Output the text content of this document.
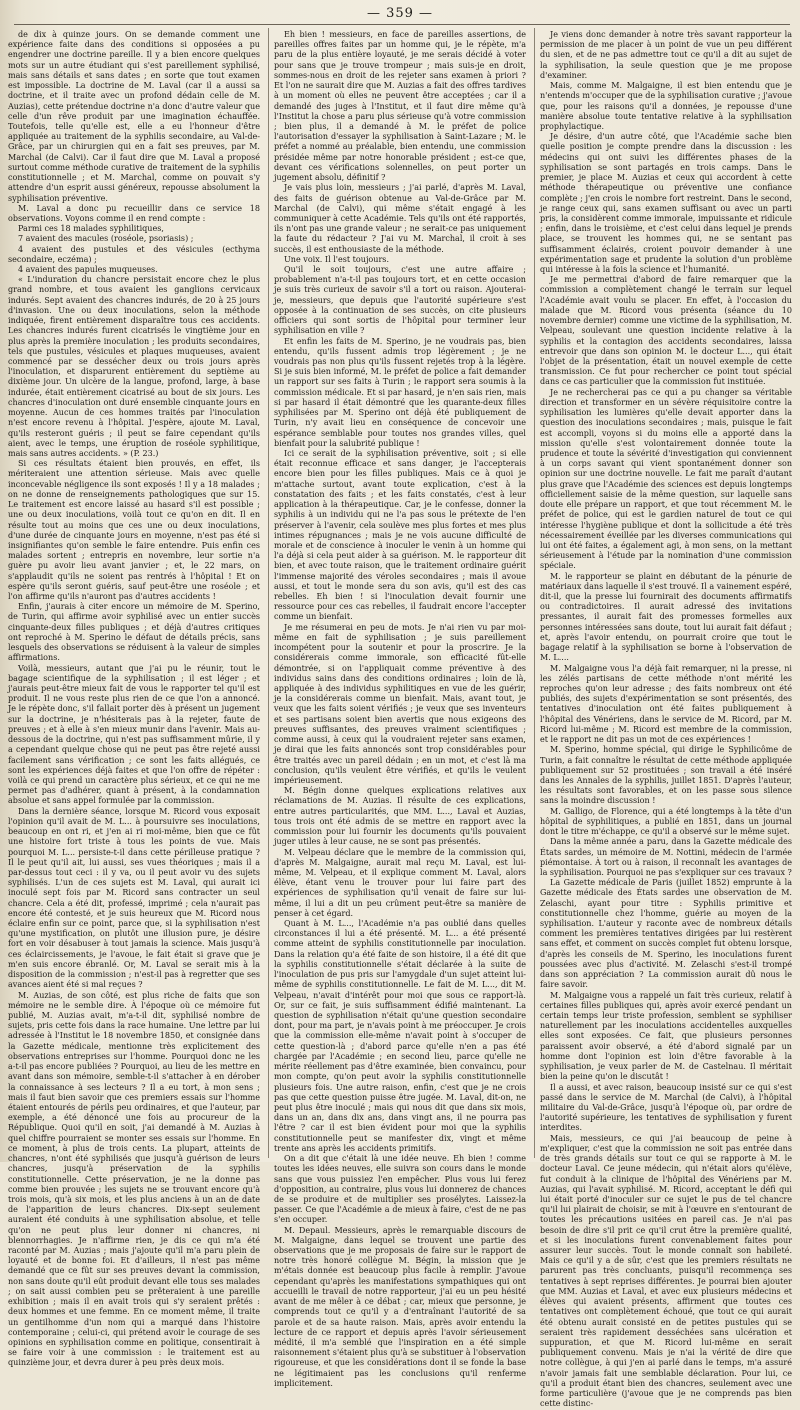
— 359 —

de dix à quinze jours. On se demande comment une expérience faite dans des conditions si opposées a pu engendrer une doctrine pareille. Il y a bien encore quelques mots sur un autre étudiant qui s'est pareillement syphilisé, mais sans détails et sans dates ; en sorte que tout examen est impossible. La doctrine de M. Laval (car il a aussi sa doctrine, et il traite avec un profond dédain celle de M. Auzias), cette prétendue doctrine n'a donc d'autre valeur que celle d'un rêve produit par une imagination échauffée. Toutefois, telle qu'elle est, elle a eu l'honneur d'être appliquée au traitement de la syphilis secondaire, au Val-de-Grâce, par un chirurgien qui en a fait ses preuves, par M. Marchal (de Calvi). Car il faut dire que M. Laval a proposé surtout comme méthode curative de traitement de la syphilis constitutionnelle ; et M. Marchal, comme on pouvait s'y attendre d'un esprit aussi généreux, repousse absolument la syphilisation préventive.

M. Laval a donc pu recueillir dans ce service 18 observations. Voyons comme il en rend compte :

Parmi ces 18 malades syphilitiques,

7 avaient des macules (roséole, psoriasis) ;

4 avaient des pustules et des vésicules (ecthyma secondaire, eczéma) ;

4 avaient des papules muqueuses.

« L'induration du chancre persistait encore chez le plus grand nombre, et tous avaient les ganglions cervicaux indurés. Sept avaient des chancres indurés, de 20 à 25 jours d'invasion. Une ou deux inoculations, selon la méthode indiquée, firent entièrement disparaître tous ces accidents. Les chancres indurés furent cicatrisés le vingtième jour en plus après la première inoculation ; les produits secondaires, tels que pustules, vésicules et plaques muqueuses, avaient commencé par se dessécher deux ou trois jours après l'inoculation, et disparurent entièrement du septième au dixième jour. Un ulcère de la langue, profond, large, à base indurée, était entièrement cicatrisé au bout de six jours. Les chancres d'inoculation ont duré ensemble cinquante jours en moyenne. Aucun de ces hommes traités par l'inoculation n'est encore revenu à l'hôpital. J'espère, ajoute M. Laval, qu'ils resteront guéris ; il peut se faire cependant qu'ils aient, avec le temps, une éruption de roséole syphilitique, mais sans autres accidents. » (P. 23.)

Si ces résultats étaient bien prouvés, en effet, ils mériteraient une attention sérieuse. Mais avec quelle inconcevable négligence ils sont exposés ! Il y a 18 malades ; on ne donne de renseignements pathologiques que sur 15. Le traitement est encore laissé au hasard s'il est possible ; une ou deux inoculations, voilà tout ce qu'on en dit. Il en résulte tout au moins que ces une ou deux inoculations, d'une durée de cinquante jours en moyenne, n'est pas été si insignifiantes qu'on semble le faire entendre. Puis enfin ces malades sortent ; entrepris en novembre, leur sortie n'a guère pu avoir lieu avant janvier ; et, le 22 mars, on s'applaudit qu'ils ne soient pas rentrés à l'hôpital ! Et on espère qu'ils seront guéris, sauf peut-être une roséole ; et l'on affirme qu'ils n'auront pas d'autres accidents !

Enfin, j'aurais à citer encore un mémoire de M. Sperino, de Turin, qui affirme avoir syphilisé avec un entier succès cinquante-deux filles publiques ; et déjà d'autres critiques ont reproché à M. Sperino le défaut de détails précis, sans lesquels des observations se réduisent à la valeur de simples affirmations.

Voilà, messieurs, autant que j'ai pu le réunir, tout le bagage scientifique de la syphilisation ; il est léger ; et j'aurais peut-être mieux fait de vous le rapporter tel qu'il est produit. Il ne vous reste plus rien de ce que l'on a annoncé. Je le répète donc, s'il fallait porter dès à présent un jugement sur la doctrine, je n'hésiterais pas à la rejeter, faute de preuves ; et à elle à s'en mieux munir dans l'avenir. Mais au-dessous de la doctrine, qui n'est pas suffisamment mûrie, il y a cependant quelque chose qui ne peut pas être rejeté aussi facilement sans vérification ; ce sont les faits allégués, ce sont les expériences déjà faites et que l'on offre de répéter : voilà ce qui prend un caractère plus sérieux, et ce qui ne me permet pas d'adhérer, quant à présent, à la condamnation absolue et sans appel formulée par la commission.

Dans la dernière séance, lorsque M. Ricord vous exposait l'opinion qu'il avait de M. L... à poursuivre ses inoculations, beaucoup en ont ri, et j'en ai ri moi-même, bien que ce fût une histoire fort triste à tous les points de vue. Mais pourquoi M. L... persiste-t-il dans cette périlleuse pratique ? Il le peut qu'il ait, lui aussi, ses vues théoriques ; mais il a par-dessus tout ceci : il y va, ou il peut avoir vu des sujets syphilisés. L'un de ces sujets est M. Laval, qui aurait ici inoculé sept fois par M. Ricord sans contracter un seul chancre. Cela a été dit, professé, imprimé ; cela n'aurait pas encore été contesté, et je suis heureux que M. Ricord nous éclaire enfin sur ce point, parce que, si la syphilisation n'est qu'une mystification, on plutôt une illusion pure, je désire fort en voir désabuser à tout jamais la science. Mais jusqu'à ces éclaircissements, je l'avoue, le fait était si grave que je m'en suis encore ébranlé. Or, M. Laval se serait mis à la disposition de la commission ; n'est-il pas à regretter que ses avances aient été si mal reçues ?

M. Auzias, de son côté, est plus riche de faits que son mémoire ne le semble dire. À l'époque où ce mémoire fut publié, M. Auzias avait, m'a-t-il dit, syphilisé nombre de sujets, pris cette fois dans la race humaine. Une lettre par lui adressée à l'Institut le 18 novembre 1850, et consignée dans la Gazette médicale, mentionne très explicitement des observations entreprises sur l'homme. Pourquoi donc ne les a-t-il pas encore publiées ? Pourquoi, au lieu de les mettre en avant dans son mémoire, semble-t-il s'attacher à en dérober la connaissance à ses lecteurs ? Il a eu tort, à mon sens ; mais il faut bien savoir que ces premiers essais sur l'homme étaient entourés de périls peu ordinaires, et que l'auteur, par exemple, a été dénoncé une fois au procureur de la République. Quoi qu'il en soit, j'ai demandé à M. Auzias à quel chiffre pourraient se monter ses essais sur l'homme. En ce moment, à plus de trois cents. La plupart, atteints de chancres, n'ont été syphilisés que jusqu'à guérison de leurs chancres, jusqu'à préservation de la syphilis constitutionnelle. Cette préservation, je ne la donne pas comme bien prouvée ; les sujets ne se trouvant encore qu'à trois mois, qu'à six mois, et les plus anciens à un an de date de l'apparition de leurs chancres. Dix-sept seulement auraient été conduits à une syphilisation absolue, et telle qu'on ne peut plus leur donner ni chancres, ni blennorrhagies. Je n'affirme rien, je dis ce qui m'a été raconté par M. Auzias ; mais j'ajoute qu'il m'a paru plein de loyauté et de bonne foi. Et d'ailleurs, il n'est pas même demandé que ce fût sur ses preuves devant la commission, non sans doute qu'il eût produit devant elle tous ses malades ; on sait aussi combien peu se prêteraient à une pareille exhibition ; mais il en avait trois qui s'y seraient prêtés : deux hommes et une femme. En ce moment même, il traite un gentilhomme d'un nom qui a marqué dans l'histoire contemporaine ; celui-ci, qui prétend avoir le courage de ses opinions en syphilisation comme en politique, consentirait à se faire voir à une commission : le traitement est au quinzième jour, et devra durer à peu près deux mois.

Eh bien ! messieurs, en face de pareilles assertions, de pareilles offres faites par un homme qui, je le répète, m'a paru de la plus entière loyauté, je me serais décidé à voter pour sans que je trouve trompeur ; mais suis-je en droit, sommes-nous en droit de les rejeter sans examen à priori ? Et l'on ne saurait dire que M. Auzias a fait des offres tardives à un moment où elles ne peuvent être acceptées ; car il a demandé des juges à l'Institut, et il faut dire même qu'à l'Institut la chose a paru plus sérieuse qu'à votre commission ; bien plus, il a demandé à M. le préfet de police l'autorisation d'essayer la syphilisation à Saint-Lazare ; M. le préfet a nommé au préalable, bien entendu, une commission présidée même par notre honorable président ; est-ce que, devant ces vérifications solennelles, on peut porter un jugement absolu, définitif ?

Je vais plus loin, messieurs ; j'ai parlé, d'après M. Laval, des faits de guérison obtenue au Val-de-Grâce par M. Marchal (de Calvi), qui même s'était engagé à les communiquer à cette Académie. Tels qu'ils ont été rapportés, ils n'ont pas une grande valeur ; ne serait-ce pas uniquement la faute du rédacteur ? J'ai vu M. Marchal, il croit à ses succès, il est enthousiaste de la méthode.

Une voix. Il l'est toujours.

Qu'il le soit toujours, c'est une autre affaire ; probablement n'a-t-il pas toujours tort, et en cette occasion je suis très curieux de savoir s'il a tort ou raison. Ajouterai-je, messieurs, que depuis que l'autorité supérieure s'est opposée à la continuation de ses succès, on cite plusieurs officiers qui sont sortis de l'hôpital pour terminer leur syphilisation en ville ?

Et enfin les faits de M. Sperino, je ne voudrais pas, bien entendu, qu'ils fussent admis trop légèrement ; je ne voudrais pas non plus qu'ils fussent rejetés trop à la légère. Si je suis bien informé, M. le préfet de police a fait demander un rapport sur ses faits à Turin ; le rapport sera soumis à la commission médicale. Et si par hasard, je n'en sais rien, mais si par hasard il était démontré que les quarante-deux filles syphilisées par M. Sperino ont déjà été publiquement de Turin, n'y avait lieu en conséquence de concevoir une espérance semblable pour toutes nos grandes villes, quel bienfait pour la salubrité publique !

Ici ce serait de la syphilisation préventive, soit ; si elle était reconnue efficace et sans danger, je l'accepterais encore bien pour les filles publiques. Mais ce à quoi je m'attache surtout, avant toute explication, c'est à la constatation des faits ; et les faits constatés, c'est à leur application à la thérapeutique. Car, je le confesse, donner la syphilis à un individu qui ne l'a pas sous le prétexte de l'en préserver à l'avenir, cela soulève mes plus fortes et mes plus intimes répugnances ; mais je ne vois aucune difficulté de morale et de conscience à inoculer le venin à un homme qui l'a déjà si cela peut aider à sa guérison. M. le rapporteur dit bien, et avec toute raison, que le traitement ordinaire guérit l'immense majorité des véroles secondaires ; mais il avoue aussi, et tout le monde sera du son avis, qu'il est des cas rebelles. Eh bien ! si l'inoculation devait fournir une ressource pour ces cas rebelles, il faudrait encore l'accepter comme un bienfait.

Je me résumerai en peu de mots. Je n'ai rien vu par moi-même en fait de syphilisation ; je suis pareillement incompétent pour la soutenir et pour la proscrire. Je la considérerais comme immorale, son efficacité fût-elle démontrée, si on l'appliquait comme préventive à des individus sains dans des conditions ordinaires ; loin de là, appliquée à des individus syphilitiques en vue de les guérir, je la considérerais comme un bienfait. Mais, avant tout, je veux que les faits soient vérifiés ; je veux que ses inventeurs et ses partisans soient bien avertis que nous exigeons des preuves suffisantes, des preuves vraiment scientifiques ; comme aussi, à ceux qui la voudraient rejeter sans examen, je dirai que les faits annoncés sont trop considérables pour être traités avec un pareil dédain ; en un mot, et c'est là ma conclusion, qu'ils veulent être vérifiés, et qu'ils le veulent impérieusement.

M. Bégin donne quelques explications relatives aux réclamations de M. Auzias. Il résulte de ces explications, entre autres particularités, que MM. L..., Laval et Auzias, tous trois ont été admis de se mettre en rapport avec la commission pour lui fournir les documents qu'ils pouvaient juger utiles à leur cause, ne se sont pas présentés.

M. Velpeau déclare que le membre de la commission qui, d'après M. Malgaigne, aurait mal reçu M. Laval, est lui-même, M. Velpeau, et il explique comment M. Laval, alors élève, étant venu le trouver pour lui faire part des expériences de syphilisation qu'il venait de faire sur lui-même, il lui a dit un peu crûment peut-être sa manière de penser à cet égard.

Quant à M. L..., l'Académie n'a pas oublié dans quelles circonstances il lui a été présenté. M. L... a été présenté comme atteint de syphilis constitutionnelle par inoculation. Dans la relation qu'a été faite de son histoire, il a été dit que la syphilis constitutionnelle s'était déclarée à la suite de l'inoculation de pus pris sur l'amygdale d'un sujet atteint lui-même de syphilis constitutionnelle. Le fait de M. L..., dit M. Velpeau, n'avait d'intérêt pour moi que sous ce rapport-là. Or, sur ce fait, je suis suffisamment édifié maintenant. La question de syphilisation n'était qu'une question secondaire dont, pour ma part, je n'avais point à me préoccuper. Je crois que la commission elle-même n'avait point à s'occuper de cette question-là ; d'abord parce qu'elle n'en a pas été chargée par l'Académie ; en second lieu, parce qu'elle ne mérite réellement pas d'être examinée, bien convaincu, pour mon compte, qu'on peut avoir la syphilis constitutionnelle plusieurs fois. Une autre raison, enfin, c'est que je ne crois pas que cette question puisse être jugée. M. Laval, dit-on, ne peut plus être inoculé ; mais qui nous dit que dans six mois, dans un an, dans dix ans, dans vingt ans, il ne pourra pas l'être ? car il est bien évident pour moi que la syphilis constitutionnelle peut se manifester dix, vingt et même trente ans après les accidents primitifs.

On a dit que c'était là une idée neuve. Eh bien ! comme toutes les idées neuves, elle suivra son cours dans le monde sans que vous puissiez l'en empêcher. Plus vous lui ferez d'opposition, au contraire, plus vous lui donnerez de chances de se produire et de multiplier ses prosélytes. Laissez-la passer. Ce que l'Académie a de mieux à faire, c'est de ne pas s'en occuper.

M. Depaul. Messieurs, après le remarquable discours de M. Malgaigne, dans lequel se trouvent une partie des observations que je me proposais de faire sur le rapport de notre très honoré collègue M. Bégin, la mission que je m'étais donnée est beaucoup plus facile à remplir. J'avoue cependant qu'après les manifestations sympathiques qui ont accueilli le travail de notre rapporteur, j'ai eu un peu hésité avant de me mêler à ce débat ; car, mieux que personne, je comprends tout ce qu'il y a d'entraînant l'autorité de sa parole et de sa haute raison. Mais, après avoir entendu la lecture de ce rapport et depuis après l'avoir sérieusement médité, il m'a semblé que l'inspiration en a été simple raisonnement s'étaient plus qu'à se substituer à l'observation rigoureuse, et que les considérations dont il se fonde la base ne légitimaient pas les conclusions qu'il renferme implicitement.

Je viens donc demander à notre très savant rapporteur la permission de me placer à un point de vue un peu différent du sien, et de ne pas admettre tout ce qu'il a dit au sujet de la syphilisation, la seule question que je me propose d'examiner.

Mais, comme M. Malgaigne, il est bien entendu que je n'entends m'occuper que de la syphilisation curative ; j'avoue que, pour les raisons qu'il a données, je repousse d'une manière absolue toute tentative relative à la syphilisation prophylactique.

Je désire, d'un autre côté, que l'Académie sache bien quelle position je compte prendre dans la discussion : les médecins qui ont suivi les différentes phases de la syphilisation se sont partagés en trois camps. Dans le premier, je place M. Auzias et ceux qui accordent à cette méthode thérapeutique ou préventive une confiance complète ; j'en crois le nombre fort restreint. Dans le second, je range ceux qui, sans examen suffisant ou avec un parti pris, la considèrent comme immorale, impuissante et ridicule ; enfin, dans le troisième, et c'est celui dans lequel je prends place, se trouvent les hommes qui, ne se sentant pas suffisamment éclairés, croient pouvoir demander à une expérimentation sage et prudente la solution d'un problème qui intéresse à la fois la science et l'humanité.

Je me permettrai d'abord de faire remarquer que la commission a complètement changé le terrain sur lequel l'Académie avait voulu se placer. En effet, à l'occasion du malade que M. Ricord vous présenta (séance du 10 novembre dernier) comme une victime de la syphilisation, M. Velpeau, soulevant une question incidente relative à la syphilis et la contagion des accidents secondaires, laissa entrevoir que dans son opinion M. le docteur L..., qui était l'objet de la présentation, était un nouvel exemple de cette transmission. Ce fut pour rechercher ce point tout spécial dans ce cas particulier que la commission fut instituée.

Je ne rechercherai pas ce qui a pu changer sa véritable direction et transformer en un sévère réquisitoire contre la syphilisation les lumières qu'elle devait apporter dans la question des inoculations secondaires ; mais, puisque le fait est accompli, voyons si du moins elle a apporté dans la mission qu'elle s'est volontairement donnée toute la prudence et toute la sévérité d'investigation qui conviennent à un corps savant qui vient spontanément donner son opinion sur une doctrine nouvelle. Le fait me paraît d'autant plus grave que l'Académie des sciences est depuis longtemps officiellement saisie de la même question, sur laquelle sans doute elle prépare un rapport, et que tout récemment M. le préfet de police, qui est le gardien naturel de tout ce qui intéresse l'hygiène publique et dont la sollicitude a été très nécessairement éveillée par les diverses communications qui lui ont été faites, a également agi, à mon sens, on la mettant sérieusement à l'étude par la nomination d'une commission spéciale.

M. le rapporteur se plaint en débutant de la pénurie de matériaux dans laquelle il s'est trouvé. Il a vainement espéré, dit-il, que la presse lui fournirait des documents affirmatifs ou contradictoires. Il aurait adressé des invitations pressantes, il aurait fait des promesses formelles aux personnes intéressées sans doute, tout lui aurait fait défaut ; et, après l'avoir entendu, on pourrait croire que tout le bagage relatif à la syphilisation se borne à l'observation de M. L....

M. Malgaigne vous l'a déjà fait remarquer, ni la presse, ni les zélés partisans de cette méthode n'ont mérité les reproches qu'on leur adresse ; des faits nombreux ont été publiés, des sujets d'expérimentation se sont présentés, des tentatives d'inoculation ont été faites publiquement à l'hôpital des Vénériens, dans le service de M. Ricord, par M. Ricord lui-même ; M. Ricord est membre de la commission, et le rapport ne dit pas un mot de ces expériences !

M. Sperino, homme spécial, qui dirige le Syphilicôme de Turin, a fait connaître le résultat de cette méthode appliquée publiquement sur 52 prostituées ; son travail a été inséré dans les Annales de la syphilis, juillet 1851. D'après l'auteur, les résultats sont favorables, et on les passe sous silence sans la moindre discussion !

M. Galligo, de Florence, qui a été longtemps à la tête d'un hôpital de syphilitiques, a publié en 1851, dans un journal dont le titre m'échappe, ce qu'il a observé sur le même sujet.

Dans la même année a paru, dans la Gazette médicale des États sardes, un mémoire de M. Nottini, médecin de l'armée piémontaise. À tort ou à raison, il reconnaît les avantages de la syphilisation. Pourquoi ne pas s'expliquer sur ces travaux ?

La Gazette médicale de Paris (juillet 1852) emprunte à la Gazette médicale des États sardes une observation de M. Zelaschi, ayant pour titre : Syphilis primitive et constitutionnelle chez l'homme, guérie au moyen de la syphilisation. L'auteur y raconte avec de nombreux détails comment les premières tentatives dirigées par lui restèrent sans effet, et comment on succès complet fut obtenu lorsque, d'après les conseils de M. Sperino, les inoculations furent poussées avec plus d'activité. M. Zelaschi s'est-il trompé dans son appréciation ? La commission aurait dû nous le faire savoir.

M. Malgaigne vous a rappelé un fait très curieux, relatif à certaines filles publiques qui, après avoir exercé pendant un certain temps leur triste profession, semblent se syphiliser naturellement par les inoculations accidentelles auxquelles elles sont exposées. Ce fait, que plusieurs personnes paraissent avoir observé, a été d'abord signalé par un homme dont l'opinion est loin d'être favorable à la syphilisation, je veux parler de M. de Castelnau. Il méritait bien la peine qu'on le discutât !

Il a aussi, et avec raison, beaucoup insisté sur ce qui s'est passé dans le service de M. Marchal (de Calvi), à l'hôpital militaire du Val-de-Grâce, jusqu'à l'époque où, par ordre de l'autorité supérieure, les tentatives de syphilisation y furent interdites.

Mais, messieurs, ce qui j'ai beaucoup de peine à m'expliquer, c'est que la commission ne soit pas entrée dans de très grands détails sur tout ce qui se rapporte à M. le docteur Laval. Ce jeune médecin, qui n'était alors qu'élève, fut conduit à la clinique de l'hôpital des Vénériens par M. Auzias, qui l'avait syphilisé. M. Ricord, acceptant le défi qui lui était porté d'inoculer sur ce sujet le pus de tel chancre qu'il lui plairait de choisir, se mit à l'œuvre en s'entourant de toutes les précautions usitées en pareil cas. Je n'ai pas besoin de dire s'il prit ce qu'il crut être la première qualité, et si les inoculations furent convenablement faites pour assurer leur succès. Tout le monde connaît son habileté. Mais ce qu'il y a de sûr, c'est que les premiers résultats ne parurent pas très concluants, puisqu'il recommença ses tentatives à sept reprises différentes. Je pourrai bien ajouter que MM. Auzias et Laval, et avec eux plusieurs médecins et élèves qui avaient présents, affirment que toutes ces tentatives ont complètement échoué, que tout ce qui aurait été obtenu aurait consisté en de petites pustules qui se seraient très rapidement desséchées sans ulcération et suppuration, et que M. Ricord lui-même en serait publiquement convenu. Mais je n'ai la vérité de dire que notre collègue, à qui j'en ai parlé dans le temps, m'a assuré n'avoir jamais fait une semblable déclaration. Pour lui, ce qu'il a produit étant bien des chancres, seulement avec une forme particulière (j'avoue que je ne comprends pas bien cette distinc-
